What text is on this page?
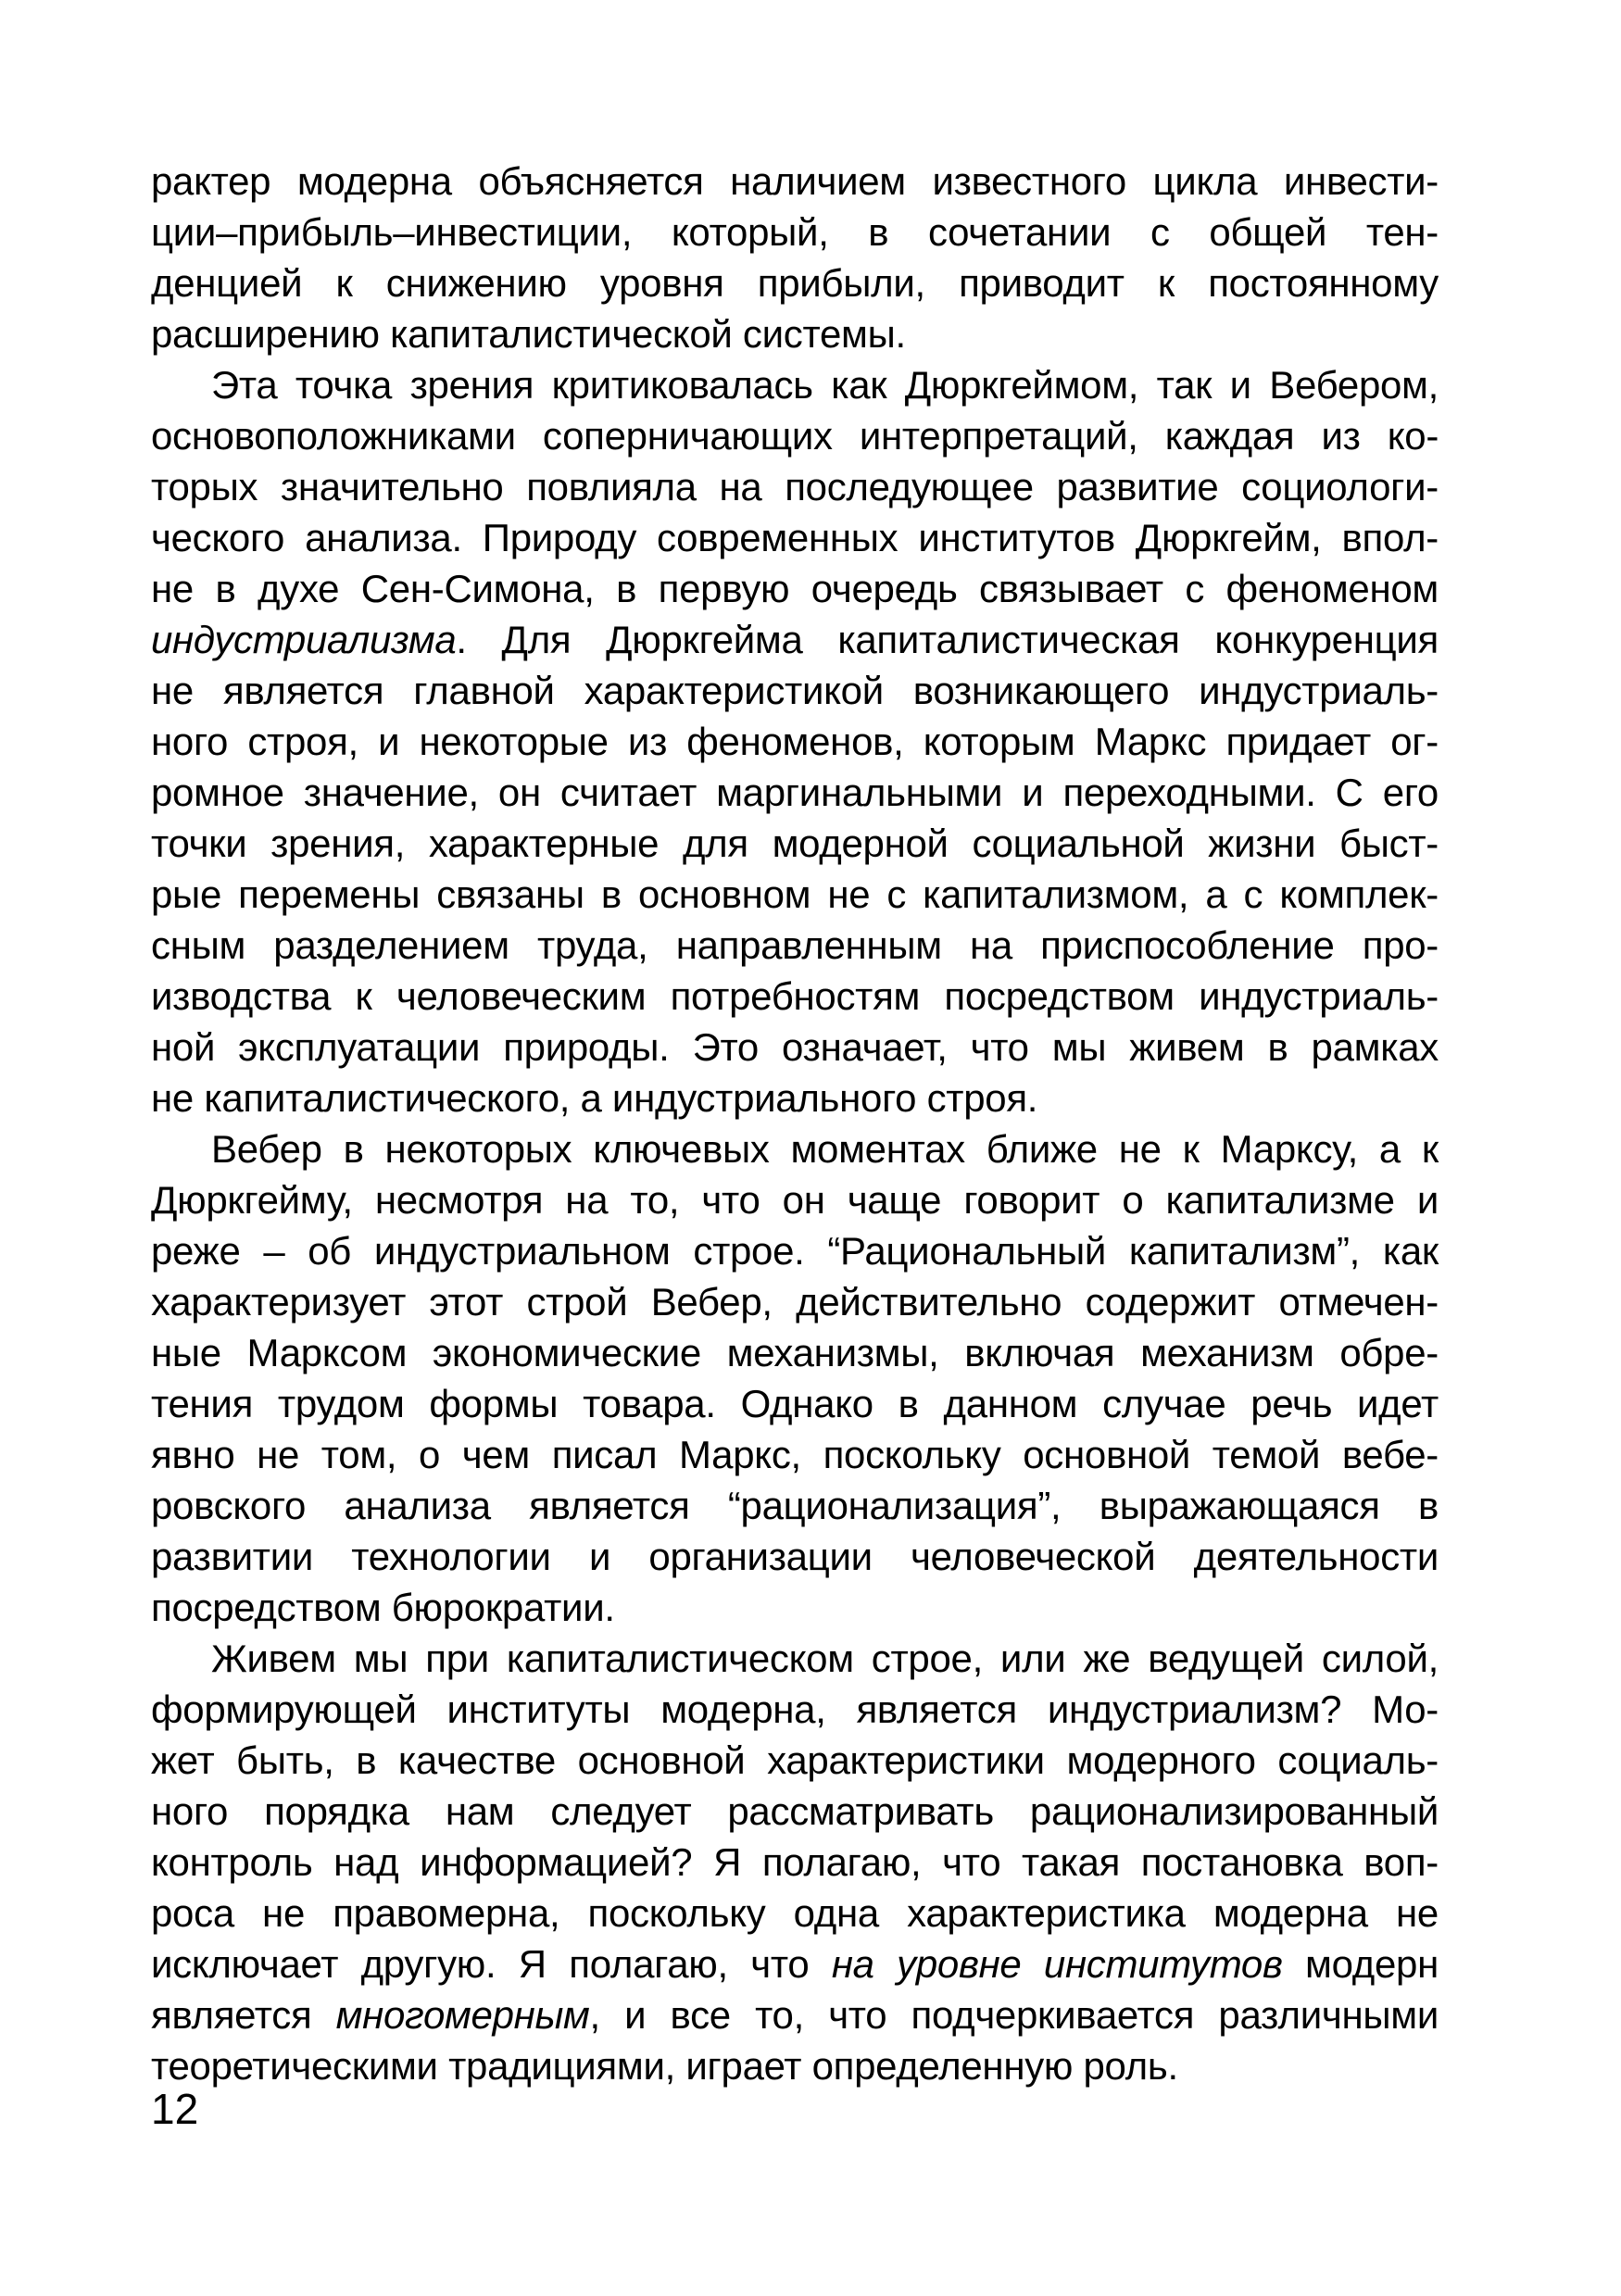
рактер модерна объясняется наличием известного цикла инвести-
ции–прибыль–инвестиции, который, в сочетании с общей тен-
денцией к снижению уровня прибыли, приводит к постоянному
расширению капиталистической системы.
Эта точка зрения критиковалась как Дюркгеймом, так и Вебером,
основоположниками соперничающих интерпретаций, каждая из ко-
торых значительно повлияла на последующее развитие социологи-
ческого анализа. Природу современных институтов Дюркгейм, впол-
не в духе Сен-Симона, в первую очередь связывает с феноменом
индустриализма. Для Дюркгейма капиталистическая конкуренция
не является главной характеристикой возникающего индустриаль-
ного строя, и некоторые из феноменов, которым Маркс придает ог-
ромное значение, он считает маргинальными и переходными. С его
точки зрения, характерные для модерной социальной жизни быст-
рые перемены связаны в основном не с капитализмом, а с комплек-
сным разделением труда, направленным на приспособление про-
изводства к человеческим потребностям посредством индустриаль-
ной эксплуатации природы. Это означает, что мы живем в рамках
не капиталистического, а индустриального строя.
Вебер в некоторых ключевых моментах ближе не к Марксу, а к
Дюркгейму, несмотря на то, что он чаще говорит о капитализме и
реже – об индустриальном строе. “Рациональный капитализм”, как
характеризует этот строй Вебер, действительно содержит отмечен-
ные Марксом экономические механизмы, включая механизм обре-
тения трудом формы товара. Однако в данном случае речь идет
явно не том, о чем писал Маркс, поскольку основной темой вебе-
ровского анализа является “рационализация”, выражающаяся в
развитии технологии и организации человеческой деятельности
посредством бюрократии.
Живем мы при капиталистическом строе, или же ведущей силой,
формирующей институты модерна, является индустриализм? Мо-
жет быть, в качестве основной характеристики модерного социаль-
ного порядка нам следует рассматривать рационализированный
контроль над информацией? Я полагаю, что такая постановка воп-
роса не правомерна, поскольку одна характеристика модерна не
исключает другую. Я полагаю, что на уровне институтов модерн
является многомерным, и все то, что подчеркивается различными
теоретическими традициями, играет определенную роль.
12
